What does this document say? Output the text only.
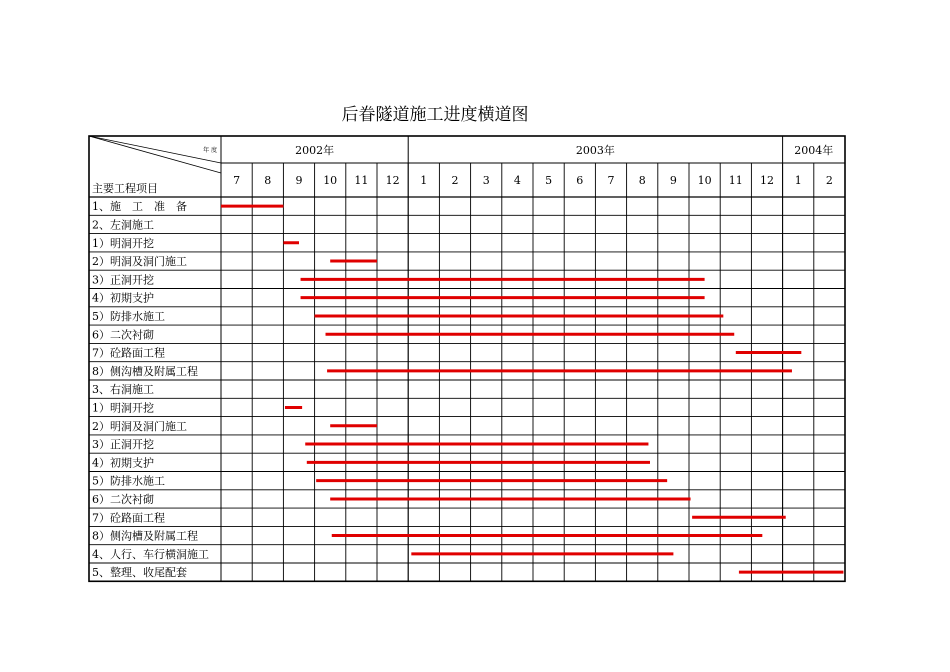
后眷隧道施工进度横道图
2002年
7 8 9 10 11 12
2003年
1 2 3 4 5 6 7 8 9 10 11 12
2004年
1 2
年 度
主要工程项目
1、施　工　准　备
2、左洞施工
1）明洞开挖
2）明洞及洞门施工
3）正洞开挖
4）初期支护
5）防排水施工
6）二次衬砌
7）砼路面工程
8）侧沟槽及附属工程
3、右洞施工
1）明洞开挖
2）明洞及洞门施工
3）正洞开挖
4）初期支护
5）防排水施工
6）二次衬砌
7）砼路面工程
8）侧沟槽及附属工程
4、人行、车行横洞施工
5、整理、收尾配套
